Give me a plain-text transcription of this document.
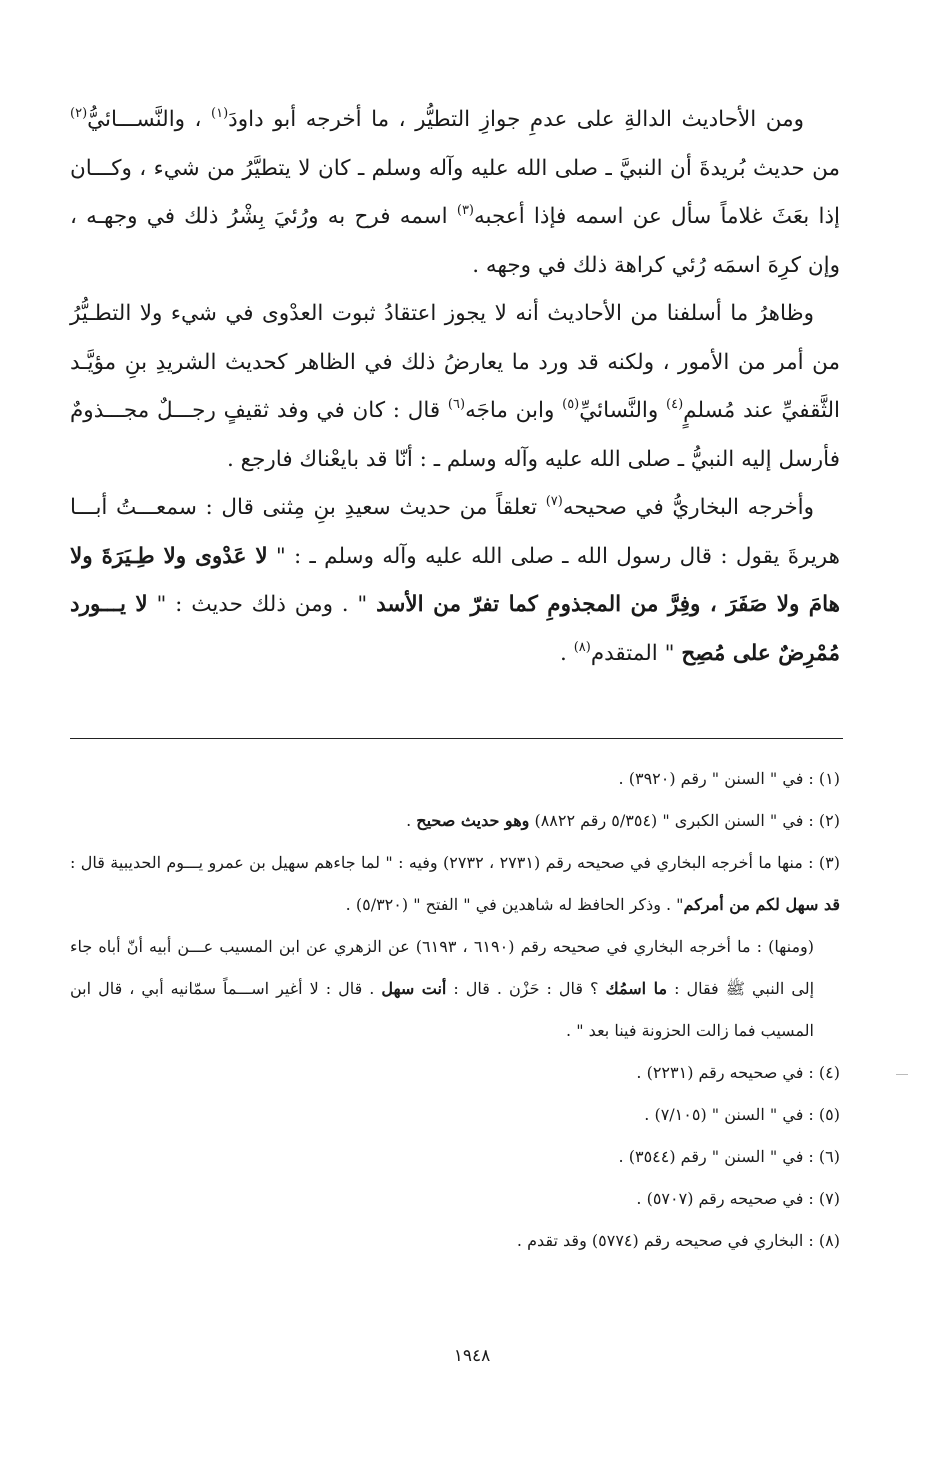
ومن الأحاديث الدالةِ على عدمِ جوازِ التطيُّر ، ما أخرجه أبو داودَ$^{(١)}$ ، والنَّســـائيُّ$^{(٢)}$ من حديث بُريدةَ أن النبيَّ ـ صلى الله عليه وآله وسلم ـ كان لا يتطيَّرُ من شيء ، وكـــان إذا بعَثَ غلاماً سأل عن اسمه فإذا أعجبه$^{(٣)}$ اسمه فرح به ورُئيَ بِشْرُ ذلك في وجهـه ، وإن كرِهَ اسمَه رُئي كراهة ذلك في وجهه .

وظاهرُ ما أسلفنا من الأحاديث أنه لا يجوز اعتقادُ ثبوت العدْوى في شيء ولا التطـيُّرُ من أمر من الأمور ، ولكنه قد ورد ما يعارضُ ذلك في الظاهر كحديث الشريدِ بنِ مؤيَّـد الثَّقفيِّ عند مُسلمٍ$^{(٤)}$ والنَّسائيِّ$^{(٥)}$ وابن ماجَه$^{(٦)}$ قال : كان في وفد ثقيفٍ رجـــلٌ مجـــذومٌ فأرسل إليه النبيُّ ـ صلى الله عليه وآله وسلم ـ : أنّا قد بايعْناك فارجع .

وأخرجه البخاريُّ في صحيحه$^{(٧)}$ تعلقاً من حديث سعيدِ بنِ مِثنى قال : سمعـــتُ أبـــا هريرةَ يقول : قال رسول الله ـ صلى الله عليه وآله وسلم ـ : " لا عَدْوى ولا طِـيَرَةَ ولا هامَ ولا صَفَرَ ، وفِرَّ من المجذومِ كما تفرّ من الأسد " . ومن ذلك حديث : " لا يـــورد مُمْرِضٌ على مُصِح " المتقدم$^{(٨)}$ .

(١) : في " السنن " رقم (٣٩٢٠) .

(٢) : في " السنن الكبرى " (٥/٣٥٤ رقم ٨٨٢٢) وهو حديث صحيح .

(٣) : منها ما أخرجه البخاري في صحيحه رقم (٢٧٣١ ، ٢٧٣٢) وفيه : " لما جاءهم سهيل بن عمرو يـــوم الحديبية قال : قد سهل لكم من أمركم" . وذكر الحافظ له شاهدين في " الفتح " (٥/٣٢٠) .

(ومنها) : ما أخرجه البخاري في صحيحه رقم (٦١٩٠ ، ٦١٩٣) عن الزهري عن ابن المسيب عـــن أبيه أنّ أباه جاء إلى النبي ﷺ فقال : ما اسمُك ؟ قال : حَزْن . قال : أنت سهل . قال : لا أغير اســـماً سمّانيه أبي ، قال ابن المسيب فما زالت الحزونة فينا بعد " .

(٤) : في صحيحه رقم (٢٢٣١) .

(٥) : في " السنن " (٧/١٠٥) .

(٦) : في " السنن " رقم (٣٥٤٤) .

(٧) : في صحيحه رقم (٥٧٠٧) .

(٨) : البخاري في صحيحه رقم (٥٧٧٤) وقد تقدم .

١٩٤٨
